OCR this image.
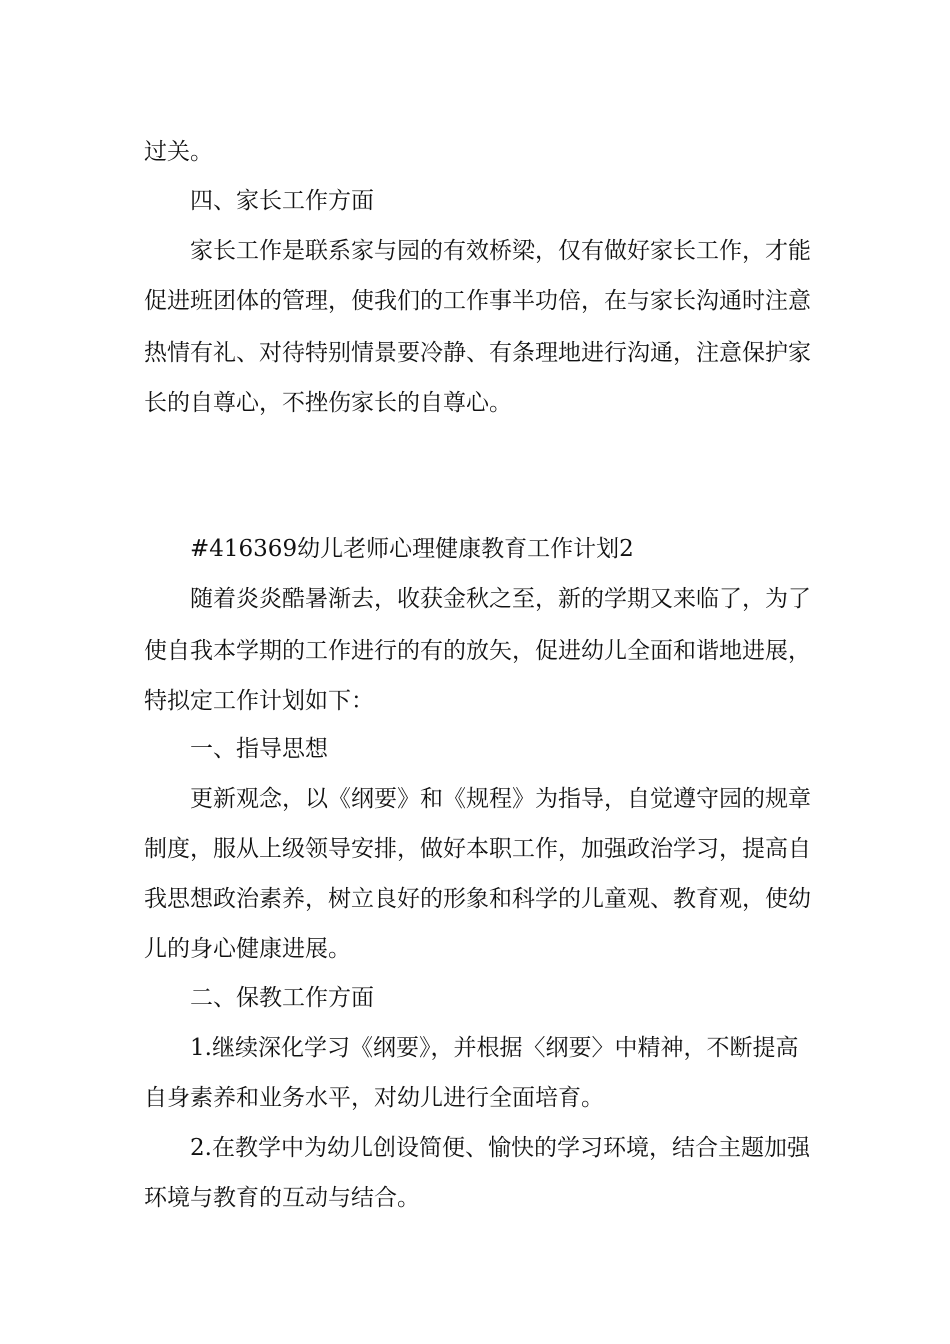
过关。
四、家长工作方面
家长工作是联系家与园的有效桥梁，仅有做好家长工作，才能
促进班团体的管理，使我们的工作事半功倍，在与家长沟通时注意
热情有礼、对待特别情景要冷静、有条理地进行沟通，注意保护家
长的自尊心，不挫伤家长的自尊心。
#416369幼儿老师心理健康教育工作计划2
随着炎炎酷暑渐去，收获金秋之至，新的学期又来临了，为了
使自我本学期的工作进行的有的放矢，促进幼儿全面和谐地进展，
特拟定工作计划如下：
一、指导思想
更新观念，以《纲要》和《规程》为指导，自觉遵守园的规章
制度，服从上级领导安排，做好本职工作，加强政治学习，提高自
我思想政治素养，树立良好的形象和科学的儿童观、教育观，使幼
儿的身心健康进展。
二、保教工作方面
1.继续深化学习《纲要》，并根据〈纲要〉中精神，不断提高
自身素养和业务水平，对幼儿进行全面培育。
2.在教学中为幼儿创设简便、愉快的学习环境，结合主题加强
环境与教育的互动与结合。
